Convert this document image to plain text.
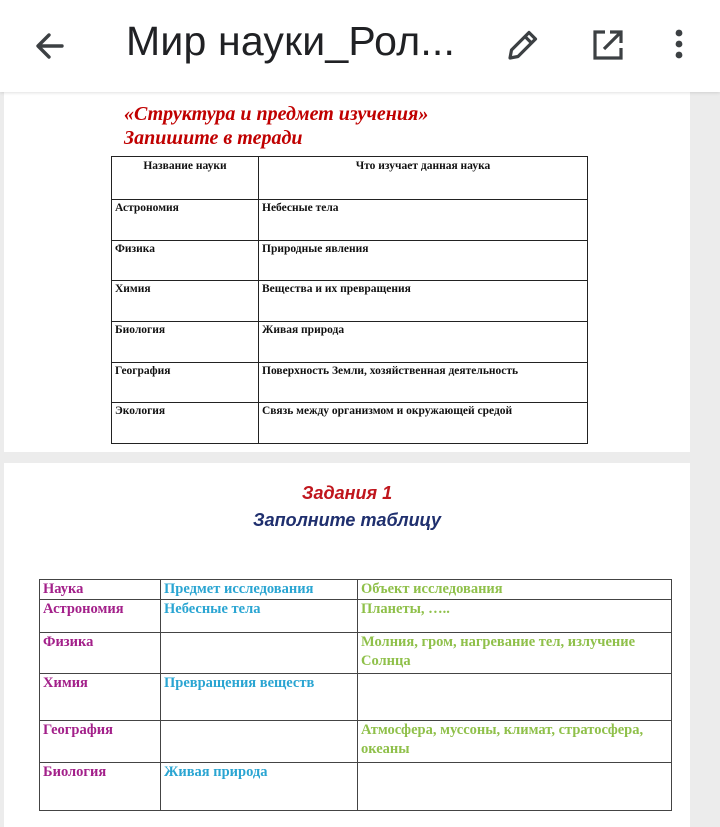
Мир науки_Рол...
«Структура и предмет изучения»
Запишите в теради
Название науки	Что изучает данная наука
Астрономия	Небесные тела
Физика	Природные явления
Химия	Вещества и их превращения
Биология	Живая природа
География	Поверхность Земли, хозяйственная деятельность
Экология	Связь между организмом и окружающей средой
Задания 1
Заполните таблицу
Наука	Предмет исследования	Объект исследования
Астрономия	Небесные тела	Планеты, …..
Физика		Молния, гром, нагревание тел, излучение Солнца
Химия	Превращения веществ	
География		Атмосфера, муссоны, климат, стратосфера, океаны
Биология	Живая природа	
